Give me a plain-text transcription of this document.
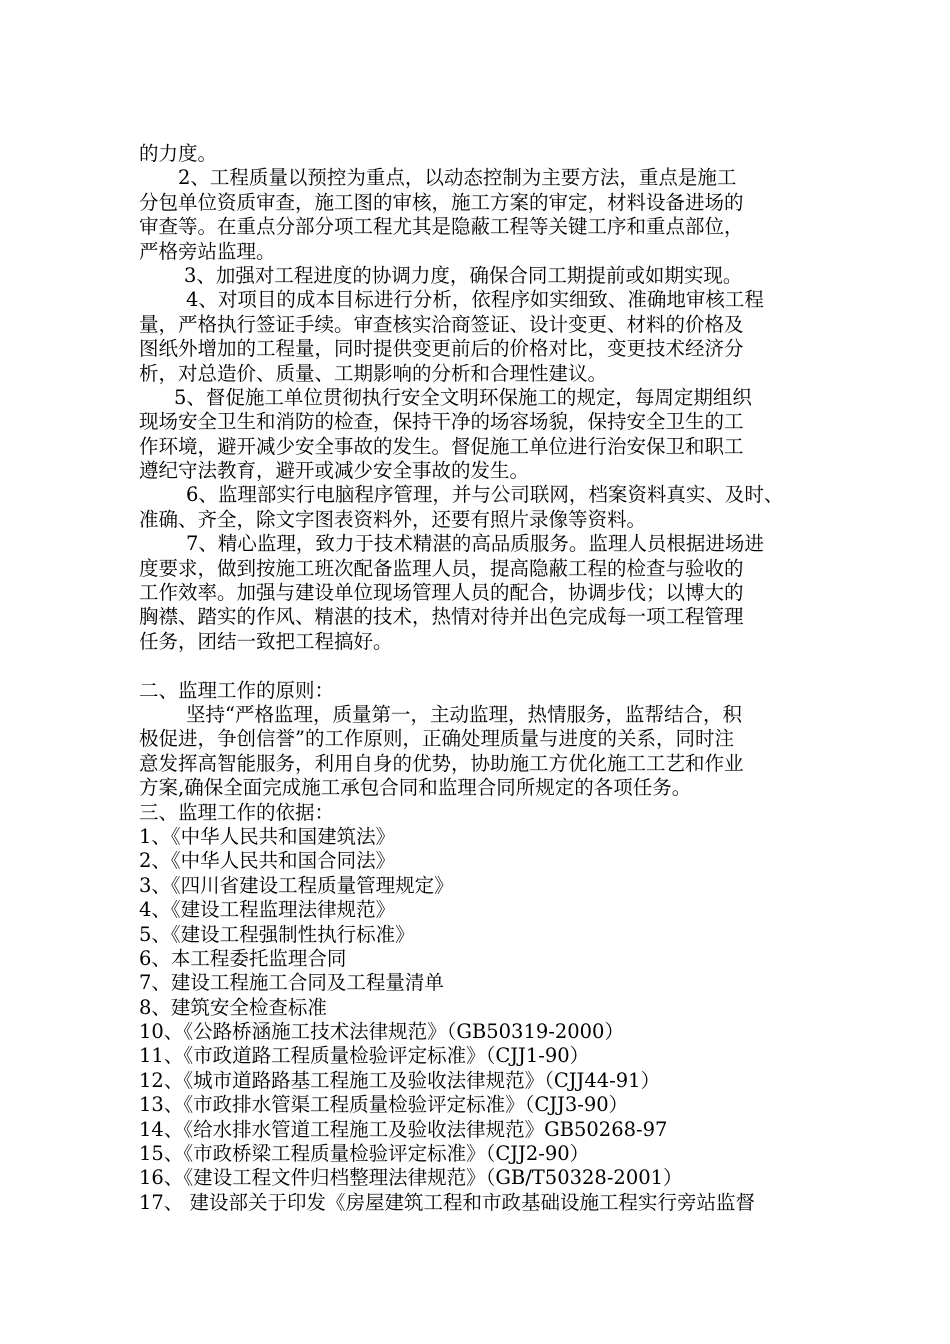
的力度。
2、工程质量以预控为重点，以动态控制为主要方法，重点是施工
分包单位资质审查，施工图的审核，施工方案的审定，材料设备进场的
审查等。在重点分部分项工程尤其是隐蔽工程等关键工序和重点部位，
严格旁站监理。
3、加强对工程进度的协调力度，确保合同工期提前或如期实现。
4、对项目的成本目标进行分析，依程序如实细致、准确地审核工程
量，严格执行签证手续。审查核实洽商签证、设计变更、材料的价格及
图纸外增加的工程量，同时提供变更前后的价格对比，变更技术经济分
析，对总造价、质量、工期影响的分析和合理性建议。
5、督促施工单位贯彻执行安全文明环保施工的规定，每周定期组织
现场安全卫生和消防的检查，保持干净的场容场貌，保持安全卫生的工
作环境，避开减少安全事故的发生。督促施工单位进行治安保卫和职工
遵纪守法教育，避开或减少安全事故的发生。
6、监理部实行电脑程序管理，并与公司联网，档案资料真实、及时、
准确、齐全，除文字图表资料外，还要有照片录像等资料。
7、精心监理，致力于技术精湛的高品质服务。监理人员根据进场进
度要求，做到按施工班次配备监理人员，提高隐蔽工程的检查与验收的
工作效率。加强与建设单位现场管理人员的配合，协调步伐；以博大的
胸襟、踏实的作风、精湛的技术，热情对待并出色完成每一项工程管理
任务，团结一致把工程搞好。
二、监理工作的原则：
坚持“严格监理，质量第一，主动监理，热情服务，监帮结合，积
极促进，争创信誉”的工作原则，正确处理质量与进度的关系，同时注
意发挥高智能服务，利用自身的优势，协助施工方优化施工工艺和作业
方案,确保全面完成施工承包合同和监理合同所规定的各项任务。
三、监理工作的依据：
1、《中华人民共和国建筑法》
2、《中华人民共和国合同法》
3、《四川省建设工程质量管理规定》
4、《建设工程监理法律规范》
5、《建设工程强制性执行标准》
6、本工程委托监理合同
7、建设工程施工合同及工程量清单
8、建筑安全检查标准
10、《公路桥涵施工技术法律规范》（GB50319-2000）
11、《市政道路工程质量检验评定标准》（CJJ1-90）
12、《城市道路路基工程施工及验收法律规范》（CJJ44-91）
13、《市政排水管渠工程质量检验评定标准》（CJJ3-90）
14、《给水排水管道工程施工及验收法律规范》GB50268-97
15、《市政桥梁工程质量检验评定标准》（CJJ2-90）
16、《建设工程文件归档整理法律规范》（GB/T50328-2001）
17、 建设部关于印发《房屋建筑工程和市政基础设施工程实行旁站监督
